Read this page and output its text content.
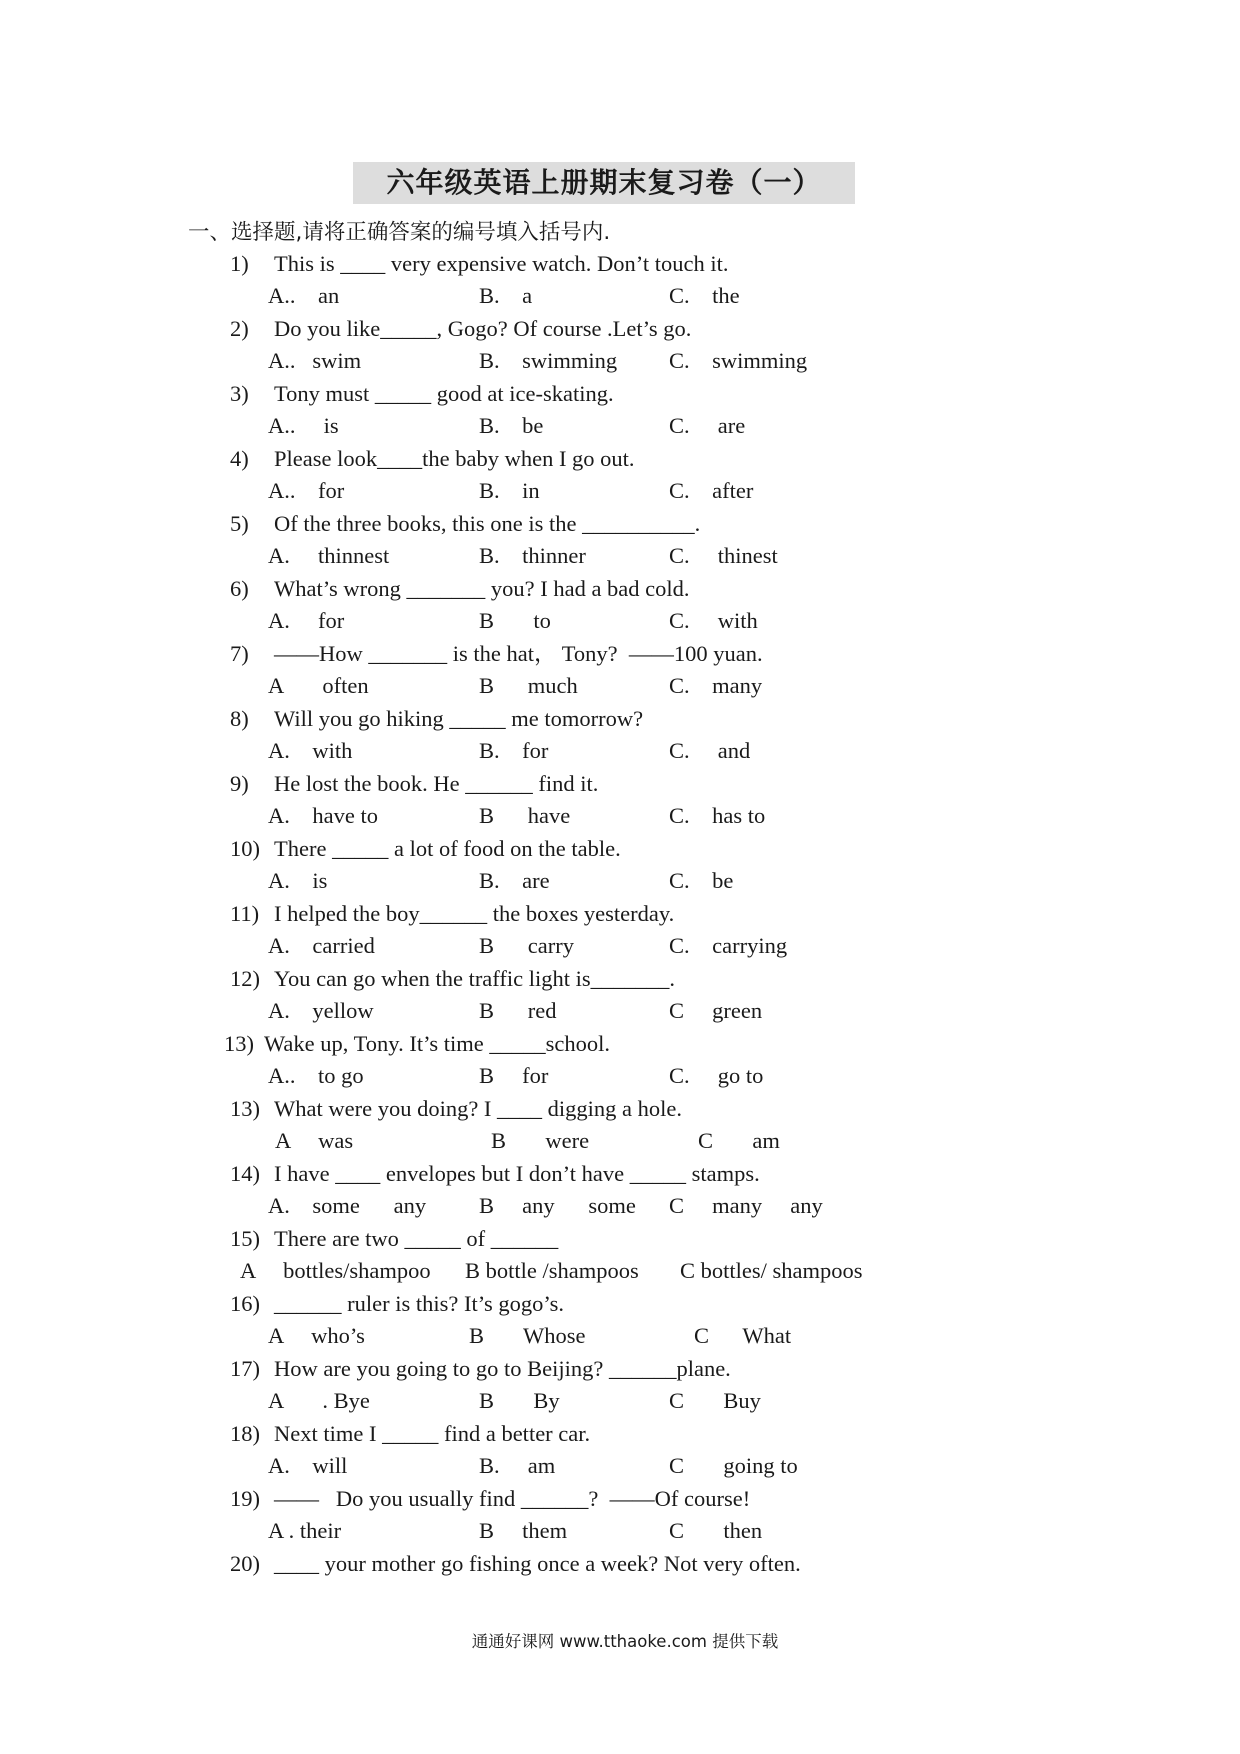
六年级英语上册期末复习卷（一）
一、选择题,请将正确答案的编号填入括号内.
1) This is ____ very expensive watch. Don’t touch it.
A..    an	B.    a	C.    the
2) Do you like_____, Gogo? Of course .Let’s go.
A..   swim	B.    swimming C.    swimming
3) Tony must _____ good at ice-skating.
A..     is	B.    be	C.     are
4) Please look____the baby when I go out.
A..    for	B.    in	C.    after
5) Of the three books, this one is the __________.
A.     thinnest	B.    thinner	C.     thinest
6) What’s wrong _______ you? I had a bad cold.
A.     for	B       to	C.     with
7) ——How _______ is the hat， Tony?  ——100 yuan.
A       often	B      much	C.    many
8) Will you go hiking _____ me tomorrow?
A.    with	B.    for	C.     and
9) He lost the book. He ______ find it.
A.    have to	B      have	C.    has to
10) There _____ a lot of food on the table.
A.    is	B.    are	C.    be
11) I helped the boy______ the boxes yesterday.
A.    carried	B      carry	C.    carrying
12) You can go when the traffic light is_______.
A.    yellow	B      red	C     green
13) Wake up, Tony. It’s time _____school.
A..    to go	B     for	C.     go to
13) What were you doing? I ____ digging a hole.
A     was	B       were	C       am
14) I have ____ envelopes but I don’t have _____ stamps.
A.    some      any B     any      some C     many     any
15) There are two _____ of ______
A     bottles/shampoo B bottle /shampoos C bottles/ shampoos
16) ______ ruler is this? It’s gogo’s.
A     who’s	B       Whose	C      What
17) How are you going to go to Beijing? ______plane.
A       . Bye	B       By	C       Buy
18) Next time I _____ find a better car.
A.    will	B.     am	C       going to
19) ——   Do you usually find ______?  ——Of course!
A . their	B     them	C       then
20) ____ your mother go fishing once a week? Not very often.
通通好课网 www.tthaoke.com 提供下载
